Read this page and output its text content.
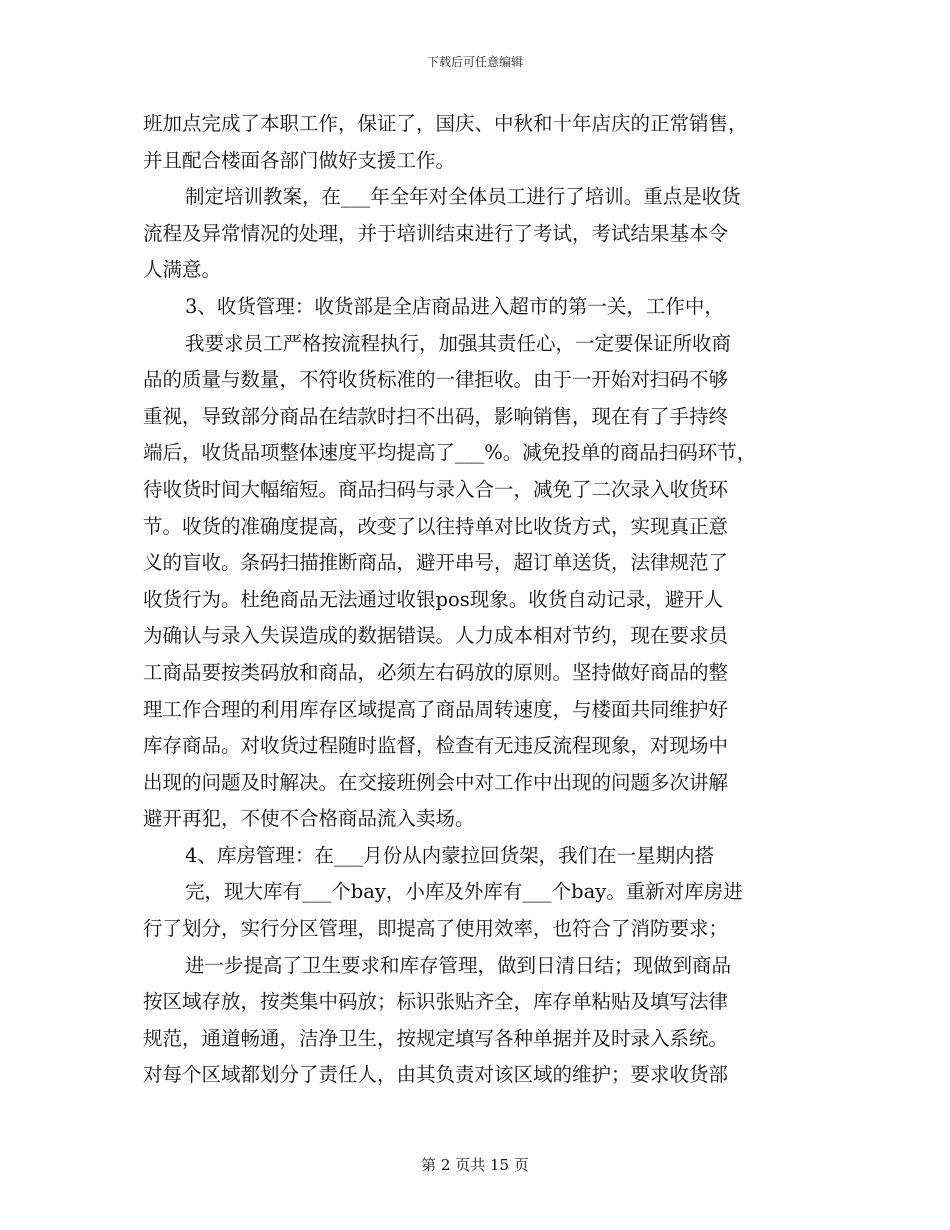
下载后可任意编辑
班加点完成了本职工作，保证了，国庆、中秋和十年店庆的正常销售，
并且配合楼面各部门做好支援工作。
制定培训教案，在___年全年对全体员工进行了培训。重点是收货
流程及异常情况的处理，并于培训结束进行了考试，考试结果基本令
人满意。
3、收货管理：收货部是全店商品进入超市的第一关，工作中，
我要求员工严格按流程执行，加强其责任心，一定要保证所收商
品的质量与数量，不符收货标准的一律拒收。由于一开始对扫码不够
重视，导致部分商品在结款时扫不出码，影响销售，现在有了手持终
端后，收货品项整体速度平均提高了___%。减免投单的商品扫码环节，
待收货时间大幅缩短。商品扫码与录入合一，减免了二次录入收货环
节。收货的准确度提高，改变了以往持单对比收货方式，实现真正意
义的盲收。条码扫描推断商品，避开串号，超订单送货，法律规范了
收货行为。杜绝商品无法通过收银pos现象。收货自动记录，避开人
为确认与录入失误造成的数据错误。人力成本相对节约，现在要求员
工商品要按类码放和商品，必须左右码放的原则。坚持做好商品的整
理工作合理的利用库存区域提高了商品周转速度，与楼面共同维护好
库存商品。对收货过程随时监督，检查有无违反流程现象，对现场中
出现的问题及时解决。在交接班例会中对工作中出现的问题多次讲解
避开再犯，不使不合格商品流入卖场。
4、库房管理：在___月份从内蒙拉回货架，我们在一星期内搭
完，现大库有___个bay，小库及外库有___个bay。重新对库房进
行了划分，实行分区管理，即提高了使用效率，也符合了消防要求；
进一步提高了卫生要求和库存管理，做到日清日结；现做到商品
按区域存放，按类集中码放；标识张贴齐全，库存单粘贴及填写法律
规范，通道畅通，洁净卫生，按规定填写各种单据并及时录入系统。
对每个区域都划分了责任人，由其负责对该区域的维护；要求收货部
第 2 页共 15 页
